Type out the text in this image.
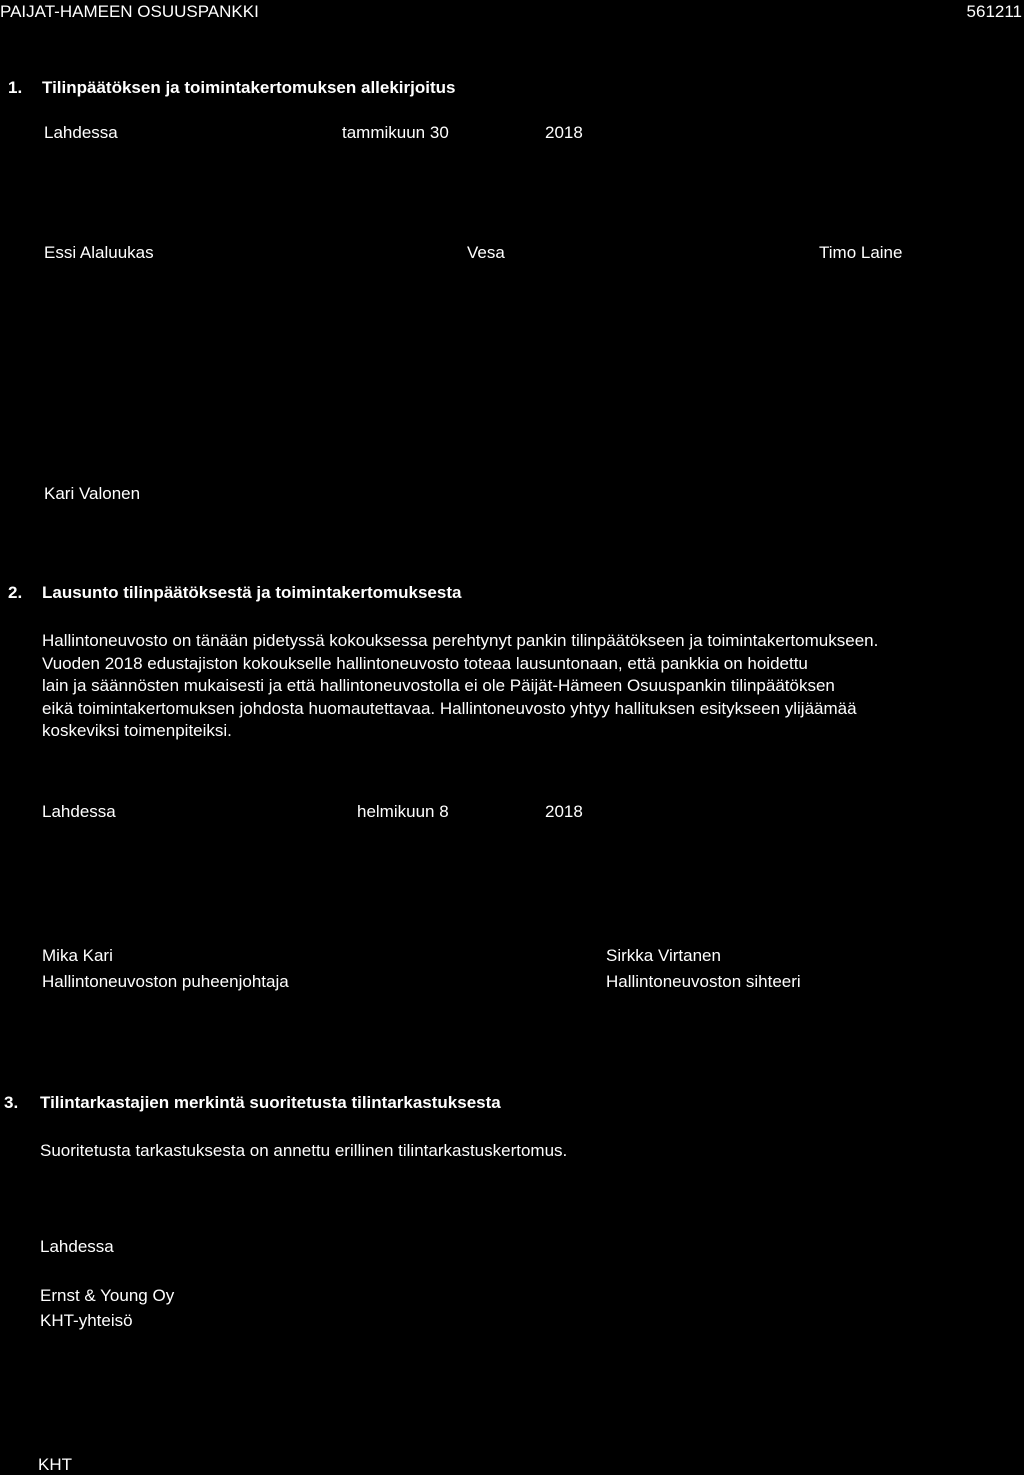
PAIJAT-HAMEEN OSUUSPANKKI	561211
1. Tilinpäätöksen ja toimintakertomuksen allekirjoitus
Lahdessa	tammikuun 30	2018
Essi Alaluukas	Vesa	Timo Laine
Kari Valonen
2. Lausunto tilinpäätöksestä ja toimintakertomuksesta
Hallintoneuvosto on tänään pidetyssä kokouksessa perehtynyt pankin tilinpäätökseen ja toimintakertomukseen.
Vuoden 2018 edustajiston kokoukselle hallintoneuvosto toteaa lausuntonaan, että pankkia on hoidettu
lain ja säännösten mukaisesti ja että hallintoneuvostolla ei ole Päijät-Hämeen Osuuspankin tilinpäätöksen
eikä toimintakertomuksen johdosta huomautettavaa. Hallintoneuvosto yhtyy hallituksen esitykseen ylijäämää
koskeviksi toimenpiteiksi.
Lahdessa	helmikuun 8	2018
Mika Kari
Hallintoneuvoston puheenjohtaja
Sirkka Virtanen
Hallintoneuvoston sihteeri
3. Tilintarkastajien merkintä suoritetusta tilintarkastuksesta
Suoritetusta tarkastuksesta on annettu erillinen tilintarkastuskertomus.
Lahdessa
Ernst & Young Oy
KHT-yhteisö
KHT
